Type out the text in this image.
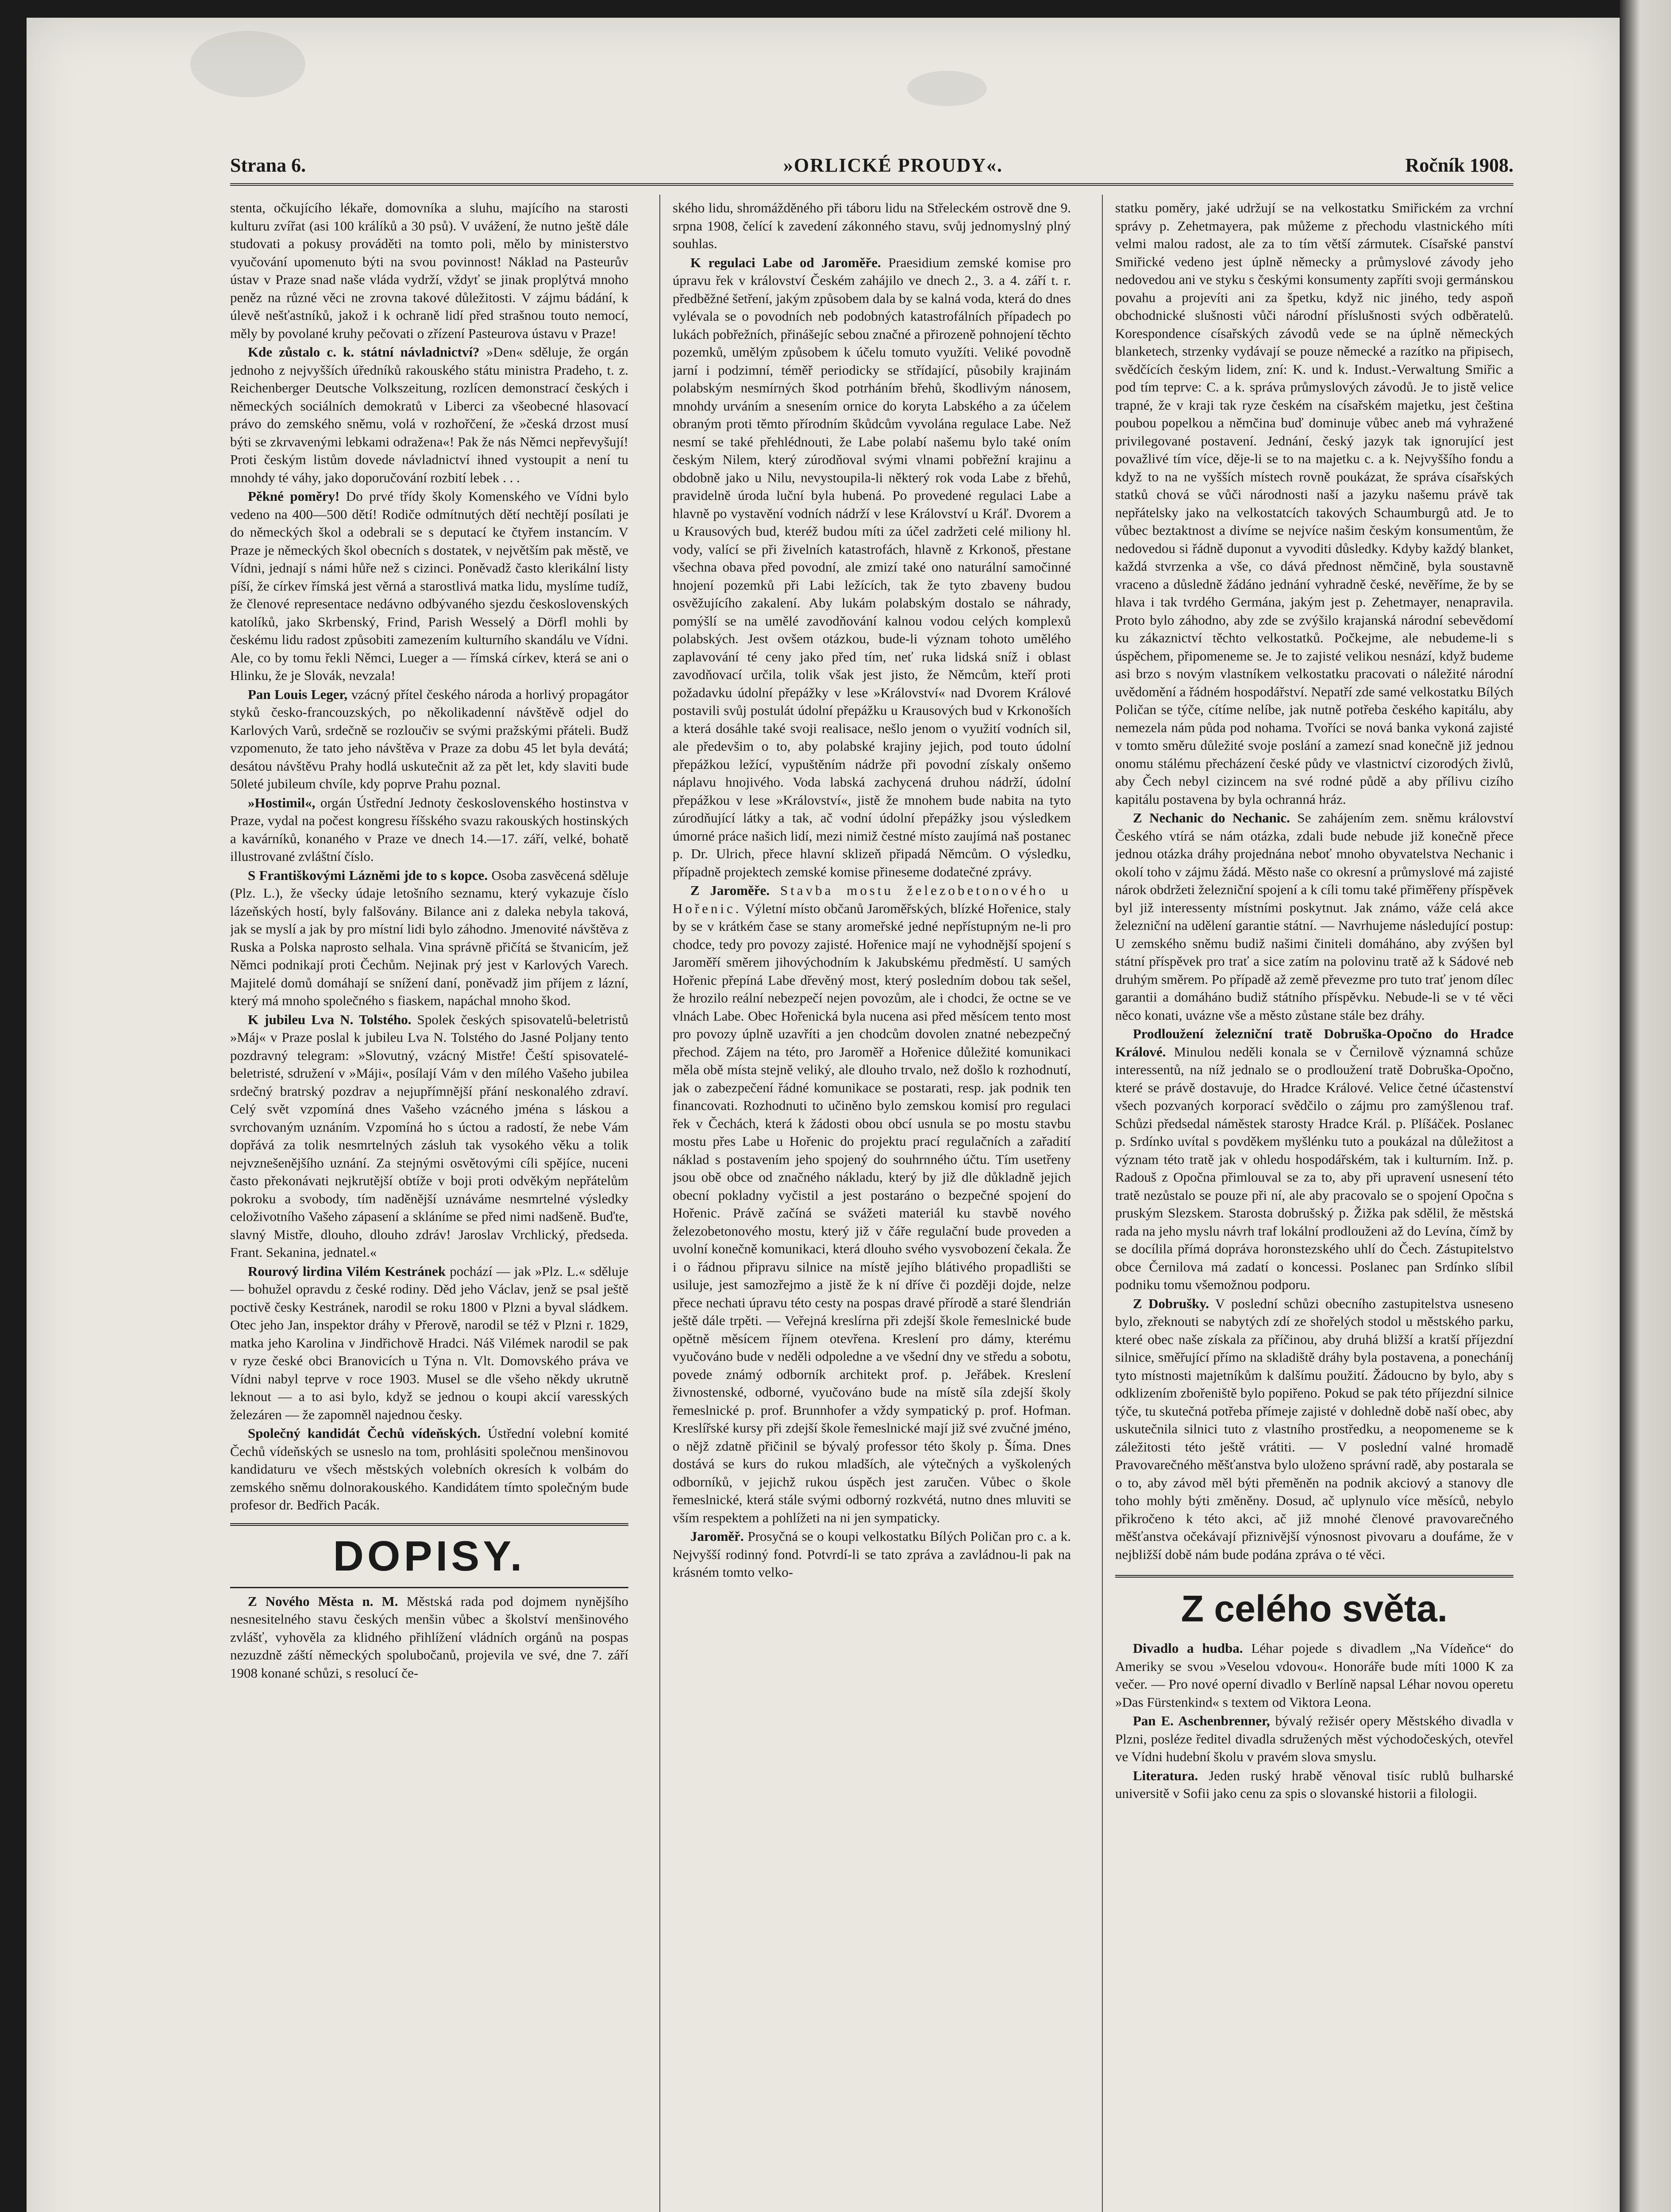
Strana 6.	»ORLICKÉ PROUDY«.	Ročník 1908.

stenta, očkujícího lékaře, domovníka a sluhu, majícího na starosti kulturu zvířat (asi 100 králíků a 30 psů). V uvážení, že nutno ještě dále studovati a pokusy prováděti na tomto poli, mělo by ministerstvo vyučování upomenuto býti na svou povinnost! Náklad na Pasteurův ústav v Praze snad naše vláda vydrží, vždyť se jinak proplýtvá mnoho peněz na různé věci ne zrovna takové důležitosti. V zájmu bádání, k úlevě nešťastníků, jakož i k ochraně lidí před strašnou touto nemocí, měly by povolané kruhy pečovati o zřízení Pasteurova ústavu v Praze!

Kde zůstalo c. k. státní návladnictví? »Den« sděluje, že orgán jednoho z nejvyšších úředníků rakouského státu ministra Pradeho, t. z. Reichenberger Deutsche Volkszeitung, rozlícen demonstrací českých i německých sociálních demokratů v Liberci za všeobecné hlasovací právo do zemského sněmu, volá v rozhořčení, že »česká drzost musí býti se zkrvavenými lebkami odražena«! Pak že nás Němci nepřevyšují! Proti českým listům dovede návladnictví ihned vystoupit a není tu mnohdy té váhy, jako doporučování rozbití lebek . . .

Pěkné poměry! Do prvé třídy školy Komenského ve Vídni bylo vedeno na 400—500 dětí! Rodiče odmítnutých dětí nechtějí posílati je do německých škol a odebrali se s deputací ke čtyřem instancím. V Praze je německých škol obecních s dostatek, v největším pak městě, ve Vídni, jednají s námi hůře než s cizinci. Poněvadž často klerikální listy píší, že církev římská jest věrná a starostlivá matka lidu, myslíme tudíž, že členové representace nedávno odbývaného sjezdu československých katolíků, jako Skrbenský, Frind, Parish Wesselý a Dörfl mohli by českému lidu radost způsobiti zamezením kulturního skandálu ve Vídni. Ale, co by tomu řekli Němci, Lueger a — římská církev, která se ani o Hlinku, že je Slovák, nevzala!

Pan Louis Leger, vzácný přítel českého národa a horlivý propagátor styků česko-francouzských, po několikadenní návštěvě odjel do Karlových Varů, srdečně se rozloučiv se svými pražskými přáteli. Budž vzpomenuto, že tato jeho návštěva v Praze za dobu 45 let byla devátá; desátou návštěvu Prahy hodlá uskutečnit až za pět let, kdy slaviti bude 50leté jubileum chvíle, kdy poprve Prahu poznal.

»Hostimil«, orgán Ústřední Jednoty československého hostinstva v Praze, vydal na počest kongresu říšského svazu rakouských hostinských a kavárníků, konaného v Praze ve dnech 14.—17. září, velké, bohatě illustrované zvláštní číslo.

S Františkovými Lázněmi jde to s kopce. Osoba zasvěcená sděluje (Plz. L.), že všecky údaje letošního seznamu, který vykazuje číslo lázeňských hostí, byly falšovány. Bilance ani z daleka nebyla taková, jak se myslí a jak by pro místní lidi bylo záhodno. Jmenovité návštěva z Ruska a Polska naprosto selhala. Vina správně přičítá se štvanicím, jež Němci podnikají proti Čechům. Nejinak prý jest v Karlových Varech. Majitelé domů domáhají se snížení daní, poněvadž jim příjem z lázní, který má mnoho společného s fiaskem, napáchal mnoho škod.

K jubileu Lva N. Tolstého. Spolek českých spisovatelů-beletristů »Máj« v Praze poslal k jubileu Lva N. Tolstého do Jasné Poljany tento pozdravný telegram: »Slovutný, vzácný Mistře! Čeští spisovatelé-beletristé, sdružení v »Máji«, posílají Vám v den mílého Vašeho jubilea srdečný bratrský pozdrav a nejupřímnější přání neskonalého zdraví. Celý svět vzpomíná dnes Vašeho vzácného jména s láskou a svrchovaným uznáním. Vzpomíná ho s úctou a radostí, že nebe Vám dopřává za tolik nesmrtelných zásluh tak vysokého věku a tolik nejvznešenějšího uznání. Za stejnými osvětovými cíli spějíce, nuceni často překonávati nejkrutější obtíže v boji proti odvěkým nepřátelům pokroku a svobody, tím naděnější uznáváme nesmrtelné výsledky celoživotního Vašeho zápasení a skláníme se před nimi nadšeně. Buďte, slavný Mistře, dlouho, dlouho zdráv! Jaroslav Vrchlický, předseda. Frant. Sekanina, jednatel.«

Rourový lirdina Vilém Kestránek pochází — jak »Plz. L.« sděluje — bohužel opravdu z české rodiny. Děd jeho Václav, jenž se psal ještě poctivě česky Kestránek, narodil se roku 1800 v Plzni a byval sládkem. Otec jeho Jan, inspektor dráhy v Přerově, narodil se též v Plzni r. 1829, matka jeho Karolina v Jindřichově Hradci. Náš Vilémek narodil se pak v ryze české obci Branovicích u Týna n. Vlt. Domovského práva ve Vídni nabyl teprve v roce 1903. Musel se dle všeho někdy ukrutně leknout — a to asi bylo, když se jednou o koupi akcií varesských železáren — že zapomněl najednou česky.

Společný kandidát Čechů vídeňských. Ústřední volební komité Čechů vídeňských se usneslo na tom, prohlásiti společnou menšinovou kandidaturu ve všech městských volebních okresích k volbám do zemského sněmu dolnorakouského. Kandidátem tímto společným bude profesor dr. Bedřich Pacák.

DOPISY.

Z Nového Města n. M. Městská rada pod dojmem nynějšího nesnesitelného stavu českých menšin vůbec a školství menšinového zvlášť, vyhověla za klidného přihlížení vládních orgánů na pospas nezuzdně záští německých spolubočanů, projevila ve své, dne 7. září 1908 konané schůzi, s resolucí če-

ského lidu, shromážděného při táboru lidu na Střeleckém ostrově dne 9. srpna 1908, čelící k zavedení zákonného stavu, svůj jednomyslný plný souhlas.

K regulaci Labe od Jaroměře. Praesidium zemské komise pro úpravu řek v království Českém zahájilo ve dnech 2., 3. a 4. září t. r. předběžné šetření, jakým způsobem dala by se kalná voda, která do dnes vylévala se o povodních neb podobných katastrofálních případech po lukách pobřežních, přinášejíc sebou značné a přirozeně pohnojení těchto pozemků, umělým způsobem k účelu tomuto využíti. Veliké povodně jarní i podzimní, téměř periodicky se střídající, působily krajinám polabským nesmírných škod potrháním břehů, škodlivým nánosem, mnohdy urváním a snesením ornice do koryta Labského a za účelem obraným proti těmto přírodním škůdcům vyvolána regulace Labe. Než nesmí se také přehlédnouti, že Labe polabí našemu bylo také oním českým Nilem, který zúrodňoval svými vlnami pobřežní krajinu a obdobně jako u Nilu, nevystoupila-li některý rok voda Labe z břehů, pravidelně úroda luční byla hubená. Po provedené regulaci Labe a hlavně po vystavění vodních nádrží v lese Království u Kráľ. Dvorem a u Krausových bud, kteréž budou míti za účel zadržeti celé miliony hl. vody, valící se při živelních katastrofách, hlavně z Krkonoš, přestane všechna obava před povodní, ale zmizí také ono naturální samočinné hnojení pozemků při Labi ležících, tak že tyto zbaveny budou osvěžujícího zakalení. Aby lukám polabským dostalo se náhrady, pomýšlí se na umělé zavodňování kalnou vodou celých komplexů polabských. Jest ovšem otázkou, bude-li význam tohoto umělého zaplavování té ceny jako před tím, neť ruka lidská sníž i oblast zavodňovací určila, tolik však jest jisto, že Němcům, kteří proti požadavku údolní přepážky v lese »Království« nad Dvorem Králové postavili svůj postulát údolní přepážku u Krausových bud v Krkonoších a která dosáhle také svoji realisace, nešlo jenom o využití vodních sil, ale předevšim o to, aby polabské krajiny jejich, pod touto údolní přepážkou ležící, vypuštěním nádrže při povodní získaly onšemo náplavu hnojivého. Voda labská zachycená druhou nádrží, údolní přepážkou v lese »Království«, jistě že mnohem bude nabita na tyto zúrodňující látky a tak, ač vodní údolní přepážky jsou výsledkem úmorné práce našich lidí, mezi nimiž čestné místo zaujímá naš postanec p. Dr. Ulrich, přece hlavní sklizeň připadá Němcům. O výsledku, případně projektech zemské komise přineseme dodatečné zprávy.

Z Jaroměře. Stavba mostu železobetonového u Hořenic. Výletní místo občanů Jaroměřských, blízké Hořenice, staly by se v krátkém čase se stany aromeřské jedné nepřístupným ne-li pro chodce, tedy pro povozy zajisté. Hořenice mají ne vyhodnější spojení s Jaroměří směrem jihovýchodním k Jakubskému předměstí. U samých Hořenic přepíná Labe dřevěný most, který posledním dobou tak sešel, že hrozilo reální nebezpečí nejen povozům, ale i chodci, že octne se ve vlnách Labe. Obec Hořenická byla nucena asi před měsícem tento most pro povozy úplně uzavříti a jen chodcům dovolen znatné nebezpečný přechod. Zájem na této, pro Jaroměř a Hořenice důležité komunikaci měla obě místa stejně veliký, ale dlouho trvalo, než došlo k rozhodnutí, jak o zabezpečení řádné komunikace se postarati, resp. jak podnik ten financovati. Rozhodnuti to učiněno bylo zemskou komisí pro regulaci řek v Čechách, která k žádosti obou obcí usnula se po mostu stavbu mostu přes Labe u Hořenic do projektu prací regulačních a zařadití náklad s postavením jeho spojený do souhrnného účtu. Tím usetřeny jsou obě obce od značného nákladu, který by již dle důkladně jejich obecní pokladny vyčistil a jest postaráno o bezpečné spojení do Hořenic. Právě začíná se svážeti materiál ku stavbě nového železobetonového mostu, který již v čáře regulační bude proveden a uvolní konečně komunikaci, která dlouho svého vysvobození čekala. Že i o řádnou připravu silnice na místě jejího blátivého propadlišti se usiluje, jest samozřejmo a jistě že k ní dříve či později dojde, nelze přece nechati úpravu této cesty na pospas dravé přírodě a staré šlendrián ještě dále trpěti. — Veřejná kreslírna při zdejší škole řemeslnické bude opětně měsícem říjnem otevřena. Kreslení pro dámy, kterému vyučováno bude v neděli odpoledne a ve všední dny ve středu a sobotu, povede známý odborník architekt prof. p. Jeřábek. Kreslení živnostenské, odborné, vyučováno bude na místě síla zdejší školy řemeslnické p. prof. Brunnhofer a vždy sympatický p. prof. Hofman. Kreslířské kursy při zdejší škole řemeslnické mají již své zvučné jméno, o nějž zdatně přičinil se bývalý professor této školy p. Šíma. Dnes dostává se kurs do rukou mladších, ale výtečných a vyškolených odborníků, v jejichž rukou úspěch jest zaručen. Vůbec o škole řemeslnické, která stále svými odborný rozkvétá, nutno dnes mluviti se vším respektem a pohlížeti na ni jen sympaticky.

Jaroměř. Prosyčná se o koupi velkostatku Bílých Poličan pro c. a k. Nejvyšší rodinný fond. Potvrdí-li se tato zpráva a zavládnou-li pak na krásném tomto velko-

statku poměry, jaké udržují se na velkostatku Smiřickém za vrchní správy p. Zehetmayera, pak můžeme z přechodu vlastnického míti velmi malou radost, ale za to tím větší zármutek. Císařské panství Smiřické vedeno jest úplně německy a průmyslové závody jeho nedovedou ani ve styku s českými konsumenty zapříti svoji germánskou povahu a projevíti ani za špetku, když nic jiného, tedy aspoň obchodnické slušnosti vůči národní příslušnosti svých odběratelů. Korespondence císařských závodů vede se na úplně německých blanketech, strzenky vydávají se pouze německé a razítko na připisech, svědčících českým lidem, zní: K. und k. Indust.-Verwaltung Smiřic a pod tím teprve: C. a k. správa průmyslových závodů. Je to jistě velice trapné, že v kraji tak ryze českém na císařském majetku, jest čeština poubou popelkou a němčina buď dominuje vůbec aneb má vyhražené privilegované postavení. Jednání, český jazyk tak ignorující jest považlivé tím více, děje-li se to na majetku c. a k. Nejvyššího fondu a když to na ne vyšších místech rovně poukázat, že správa císařských statků chová se vůči národnosti naší a jazyku našemu právě tak nepřátelsky jako na velkostatcích takových Schaumburgů atd. Je to vůbec beztaktnost a divíme se nejvíce našim českým konsumentům, že nedovedou si řádně duponut a vyvoditi důsledky. Kdyby každý blanket, každá stvrzenka a vše, co dává přednost němčině, byla soustavně vraceno a důsledně žádáno jednání vyhradně české, nevěříme, že by se hlava i tak tvrdého Germána, jakým jest p. Zehetmayer, nenapravila. Proto bylo záhodno, aby zde se zvýšilo krajanská národní sebevědomí ku zákaznictví těchto velkostatků. Počkejme, ale nebudeme-li s úspěchem, připomeneme se. Je to zajisté velikou nesnází, když budeme asi brzo s novým vlastníkem velkostatku pracovati o náležité národní uvědomění a řádném hospodářství. Nepatří zde samé velkostatku Bílých Poličan se týče, cítíme nelíbe, jak nutně potřeba českého kapitálu, aby nemezela nám půda pod nohama. Tvoříci se nová banka vykoná zajisté v tomto směru důležité svoje poslání a zamezí snad konečně již jednou onomu stálému přecházení české půdy ve vlastnictví cizorodých živlů, aby Čech nebyl cizincem na své rodné půdě a aby přílivu cizího kapitálu postavena by byla ochranná hráz.

Z Nechanic do Nechanic. Se zahájením zem. sněmu království Českého vtírá se nám otázka, zdali bude nebude již konečně přece jednou otázka dráhy projednána neboť mnoho obyvatelstva Nechanic i okolí toho v zájmu žádá. Město naše co okresní a průmyslové má zajisté nárok obdržeti železniční spojení a k cíli tomu také přiměřeny příspěvek byl již interessenty místními poskytnut. Jak známo, váže celá akce železniční na udělení garantie státní. — Navrhujeme následující postup: U zemského sněmu budiž našimi činiteli domáháno, aby zvýšen byl státní příspěvek pro trať a sice zatím na polovinu tratě až k Sádové neb druhým směrem. Po případě až země převezme pro tuto trať jenom dílec garantii a domáháno budiž státního příspěvku. Nebude-li se v té věci něco konati, uvázne vše a město zůstane stále bez dráhy.

Prodloužení železniční tratě Dobruška-Opočno do Hradce Králové. Minulou neděli konala se v Černilově významná schůze interessentů, na níž jednalo se o prodloužení tratě Dobruška-Opočno, které se právě dostavuje, do Hradce Králové. Velice četné účastenství všech pozvaných korporací svědčilo o zájmu pro zamýšlenou traf. Schůzi předsedal náměstek starosty Hradce Král. p. Plíšáček. Poslanec p. Srdínko uvítal s povděkem myšlénku tuto a poukázal na důležitost a význam této tratě jak v ohledu hospodářském, tak i kulturním. Inž. p. Radouš z Opočna přimlouval se za to, aby při upravení usnesení této tratě nezůstalo se pouze při ní, ale aby pracovalo se o spojení Opočna s pruským Slezskem. Starosta dobrušský p. Žižka pak sdělil, že městská rada na jeho myslu návrh traf lokální prodlouženi až do Levína, čímž by se docílila přímá dopráva horonstezského uhlí do Čech. Zástupitelstvo obce Černilova má zadatí o koncessi. Poslanec pan Srdínko slíbil podniku tomu všemožnou podporu.

Z Dobrušky. V poslední schůzi obecního zastupitelstva usneseno bylo, zřeknouti se nabytých zdí ze shořelých stodol u městského parku, které obec naše získala za příčinou, aby druhá bližší a kratší příjezdní silnice, směřující přímo na skladiště dráhy byla postavena, a ponecháníj tyto místnosti majetníkům k dalšímu použití. Žádoucno by bylo, aby s odklizením zbořeniště bylo popiřeno. Pokud se pak této příjezdní silnice týče, tu skutečná potřeba přímeje zajisté v dohledně době naší obec, aby uskutečnila silnici tuto z vlastního prostředku, a neopomeneme se k záležitosti této ještě vrátiti. — V poslední valné hromadě Pravovarečného měšťanstva bylo uloženo správní radě, aby postarala se o to, aby závod měl býti přeměněn na podnik akciový a stanovy dle toho mohly býti změněny. Dosud, ač uplynulo více měsíců, nebylo přikročeno k této akci, ač již mnohé členové pravovarečného měšťanstva očekávají přiznivější výnosnost pivovaru a doufáme, že v nejbližší době nám bude podána zpráva o té věci.

Z celého světa.

Divadlo a hudba. Léhar pojede s divadlem „Na Vídeňce“ do Ameriky se svou »Veselou vdovou«. Honoráře bude míti 1000 K za večer. — Pro nové operní divadlo v Berlíně napsal Léhar novou operetu »Das Fürstenkind« s textem od Viktora Leona.

Pan E. Aschenbrenner, bývalý režisér opery Městského divadla v Plzni, posléze ředitel divadla sdružených měst východočeských, otevřel ve Vídni hudební školu v pravém slova smyslu.

Literatura. Jeden ruský hrabě věnoval tisíc rublů bulharské universitě v Sofii jako cenu za spis o slovanské historii a filologii.
